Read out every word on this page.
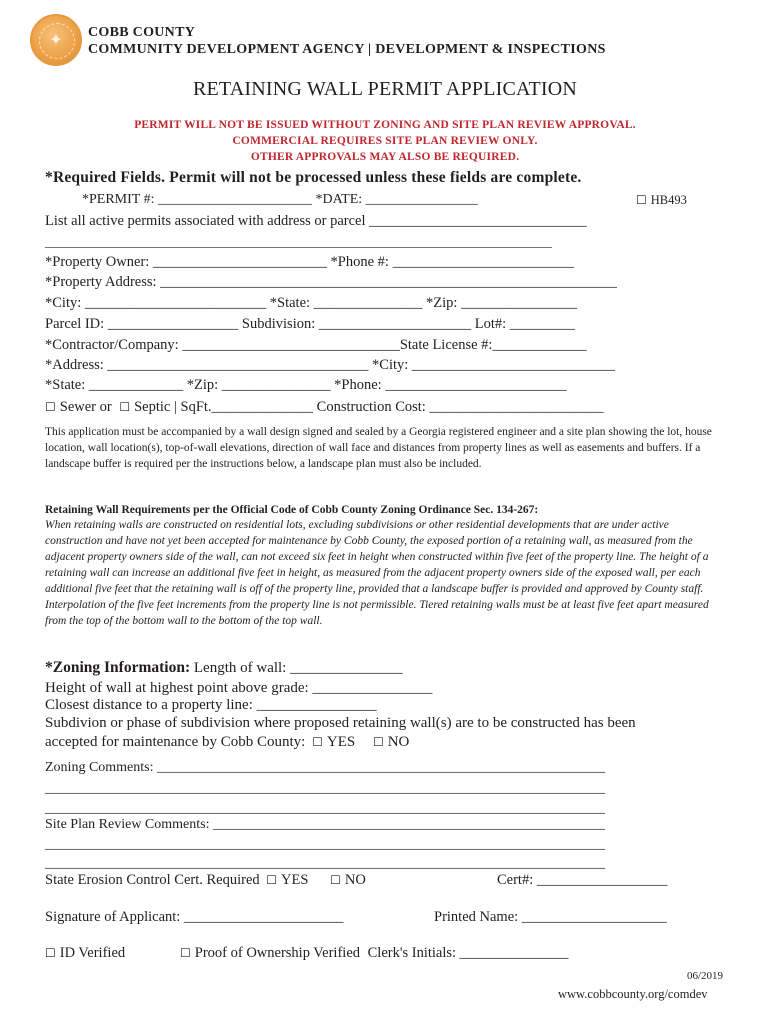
✦	COBB COUNTY
COMMUNITY DEVELOPMENT AGENCY | DEVELOPMENT & INSPECTIONS
RETAINING WALL PERMIT APPLICATION
PERMIT WILL NOT BE ISSUED WITHOUT ZONING AND SITE PLAN REVIEW APPROVAL.
COMMERCIAL REQUIRES SITE PLAN REVIEW ONLY.
OTHER APPROVALS MAY ALSO BE REQUIRED.
*Required Fields. Permit will not be processed unless these fields are complete.
*PERMIT #: ______________________ *DATE: ________________	☐ HB493
List all active permits associated with address or parcel ______________________________
______________________________________________________________________________
*Property Owner: ________________________ *Phone #: _________________________
*Property Address: _______________________________________________________________
*City: _________________________ *State: _______________ *Zip: ________________
Parcel ID: __________________ Subdivision: _____________________ Lot#: _________
*Contractor/Company: ______________________________State License #:_____________
*Address: ____________________________________ *City: ____________________________
*State: _____________ *Zip: _______________ *Phone: _________________________
☐ Sewer or ☐ Septic | SqFt.______________ Construction Cost: ________________________
This application must be accompanied by a wall design signed and sealed by a Georgia registered engineer and a site plan showing the lot, house location, wall location(s), top-of-wall elevations, direction of wall face and distances from property lines as well as easements and buffers. If a landscape buffer is required per the instructions below, a landscape plan must also be included.
Retaining Wall Requirements per the Official Code of Cobb County Zoning Ordinance Sec. 134-267:
When retaining walls are constructed on residential lots, excluding subdivisions or other residential developments that are under active construction and have not yet been accepted for maintenance by Cobb County, the exposed portion of a retaining wall, as measured from the adjacent property owners side of the wall, can not exceed six feet in height when constructed within five feet of the property line. The height of a retaining wall can increase an additional five feet in height, as measured from the adjacent property owners side of the exposed wall, per each additional five feet that the retaining wall is off of the property line, provided that a landscape buffer is provided and approved by County staff. Interpolation of the five feet increments from the property line is not permissible. Tiered retaining walls must be at least five feet apart measured from the top of the bottom wall to the bottom of the top wall.
*Zoning Information: Length of wall: _______________
Height of wall at highest point above grade: ________________
Closest distance to a property line: ________________
Subdivion or phase of subdivision where proposed retaining wall(s) are to be constructed has been
accepted for maintenance by Cobb County: ☐ YES ☐ NO
Zoning Comments: ________________________________________________________________
________________________________________________________________________________
________________________________________________________________________________
Site Plan Review Comments: ________________________________________________________
________________________________________________________________________________
________________________________________________________________________________
State Erosion Control Cert. Required ☐ YES ☐ NO	Cert#: __________________
Signature of Applicant: ______________________	Printed Name: ____________________
☐ ID Verified	☐ Proof of Ownership Verified Clerk's Initials: _______________
06/2019
www.cobbcounty.org/comdev
